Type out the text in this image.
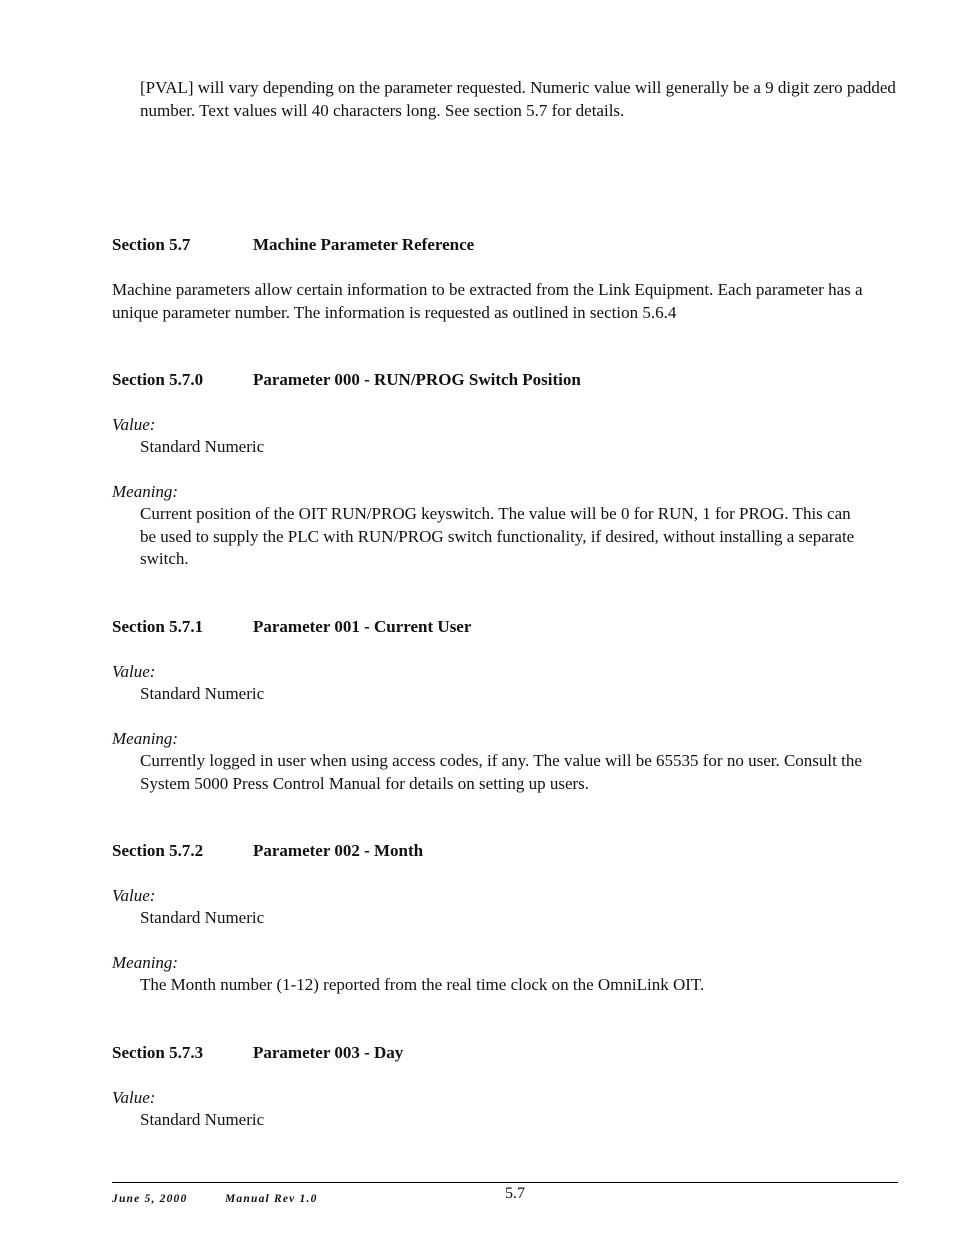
[PVAL] will vary depending on the parameter requested. Numeric value will generally be a 9 digit zero padded number. Text values will 40 characters long. See section 5.7 for details.
Section 5.7	Machine Parameter Reference
Machine parameters allow certain information to be extracted from the Link Equipment. Each parameter has a unique parameter number. The information is requested as outlined in section 5.6.4
Section 5.7.0	Parameter 000 - RUN/PROG Switch Position
Value:
Standard Numeric
Meaning:
Current position of the OIT RUN/PROG keyswitch. The value will be 0 for RUN, 1 for PROG. This can be used to supply the PLC with RUN/PROG switch functionality, if desired, without installing a separate switch.
Section 5.7.1	Parameter 001 - Current User
Value:
Standard Numeric
Meaning:
Currently logged in user when using access codes, if any. The value will be 65535 for no user. Consult the System 5000 Press Control Manual for details on setting up users.
Section 5.7.2	Parameter 002 - Month
Value:
Standard Numeric
Meaning:
The Month number (1-12) reported from the real time clock on the OmniLink OIT.
Section 5.7.3	Parameter 003 - Day
Value:
Standard Numeric
June 5, 2000	Manual Rev 1.0	5.7
